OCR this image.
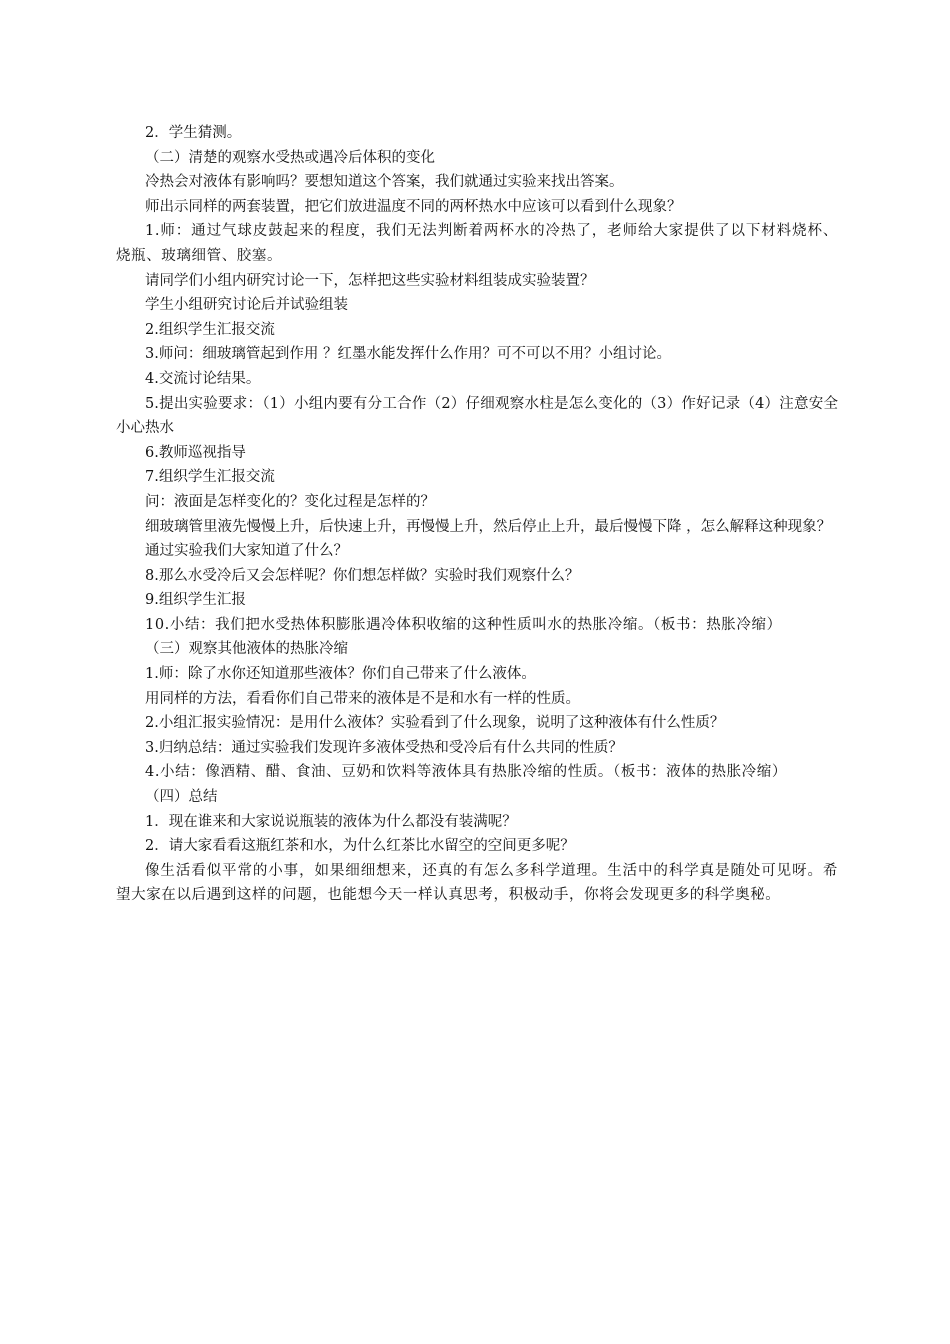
2．学生猜测。

（二）清楚的观察水受热或遇冷后体积的变化

冷热会对液体有影响吗？要想知道这个答案，我们就通过实验来找出答案。

师出示同样的两套装置，把它们放进温度不同的两杯热水中应该可以看到什么现象？

1.师：通过气球皮鼓起来的程度，我们无法判断着两杯水的冷热了，老师给大家提供了以下材料烧杯、烧瓶、玻璃细管、胶塞。

请同学们小组内研究讨论一下，怎样把这些实验材料组装成实验装置？

学生小组研究讨论后并试验组装

2.组织学生汇报交流

3.师问：细玻璃管起到作用 ？红墨水能发挥什么作用？可不可以不用？小组讨论。

4.交流讨论结果。

5.提出实验要求：（1）小组内要有分工合作（2）仔细观察水柱是怎么变化的（3）作好记录（4）注意安全小心热水

6.教师巡视指导

7.组织学生汇报交流

问：液面是怎样变化的？变化过程是怎样的？

细玻璃管里液先慢慢上升，后快速上升，再慢慢上升，然后停止上升，最后慢慢下降 ，怎么解释这种现象？

通过实验我们大家知道了什么？

8.那么水受冷后又会怎样呢？你们想怎样做？实验时我们观察什么？

9.组织学生汇报

10.小结：我们把水受热体积膨胀遇冷体积收缩的这种性质叫水的热胀冷缩。（板书：热胀冷缩）

（三）观察其他液体的热胀冷缩

1.师：除了水你还知道那些液体？你们自己带来了什么液体。

用同样的方法，看看你们自己带来的液体是不是和水有一样的性质。

2.小组汇报实验情况：是用什么液体？实验看到了什么现象，说明了这种液体有什么性质？

3.归纳总结：通过实验我们发现许多液体受热和受冷后有什么共同的性质？

4.小结：像酒精、醋、食油、豆奶和饮料等液体具有热胀冷缩的性质。（板书：液体的热胀冷缩）

（四）总结

1．现在谁来和大家说说瓶装的液体为什么都没有装满呢？

2．请大家看看这瓶红茶和水，为什么红茶比水留空的空间更多呢？

像生活看似平常的小事，如果细细想来，还真的有怎么多科学道理。生活中的科学真是随处可见呀。希望大家在以后遇到这样的问题，也能想今天一样认真思考，积极动手，你将会发现更多的科学奥秘。
